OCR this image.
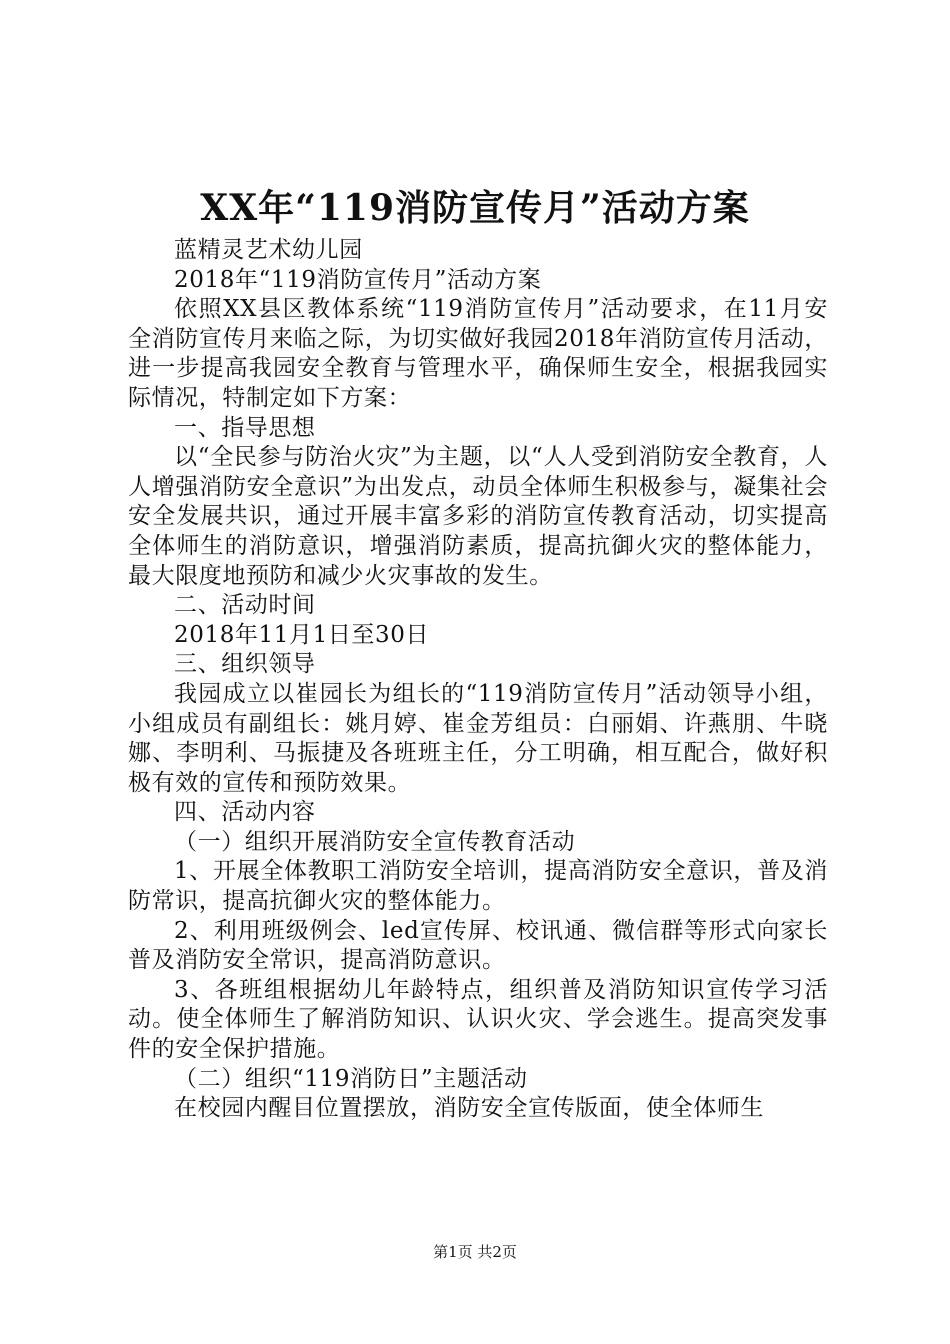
XX年“119消防宣传月”活动方案

蓝精灵艺术幼儿园

2018年“119消防宣传月”活动方案

依照XX县区教体系统“119消防宣传月”活动要求，在11月安全消防宣传月来临之际，为切实做好我园2018年消防宣传月活动，进一步提高我园安全教育与管理水平，确保师生安全，根据我园实际情况，特制定如下方案：

一、指导思想

以“全民参与防治火灾”为主题，以“人人受到消防安全教育，人人增强消防安全意识”为出发点，动员全体师生积极参与，凝集社会安全发展共识，通过开展丰富多彩的消防宣传教育活动，切实提高全体师生的消防意识，增强消防素质，提高抗御火灾的整体能力，最大限度地预防和减少火灾事故的发生。

二、活动时间

2018年11月1日至30日

三、组织领导

我园成立以崔园长为组长的“119消防宣传月”活动领导小组，小组成员有副组长：姚月婷、崔金芳组员：白丽娟、许燕朋、牛晓娜、李明利、马振捷及各班班主任，分工明确，相互配合，做好积极有效的宣传和预防效果。

四、活动内容

（一）组织开展消防安全宣传教育活动

1、开展全体教职工消防安全培训，提高消防安全意识，普及消防常识，提高抗御火灾的整体能力。

2、利用班级例会、led宣传屏、校讯通、微信群等形式向家长普及消防安全常识，提高消防意识。

3、各班组根据幼儿年龄特点，组织普及消防知识宣传学习活动。使全体师生了解消防知识、认识火灾、学会逃生。提高突发事件的安全保护措施。

（二）组织“119消防日”主题活动

在校园内醒目位置摆放，消防安全宣传版面，使全体师生

第1页 共2页
